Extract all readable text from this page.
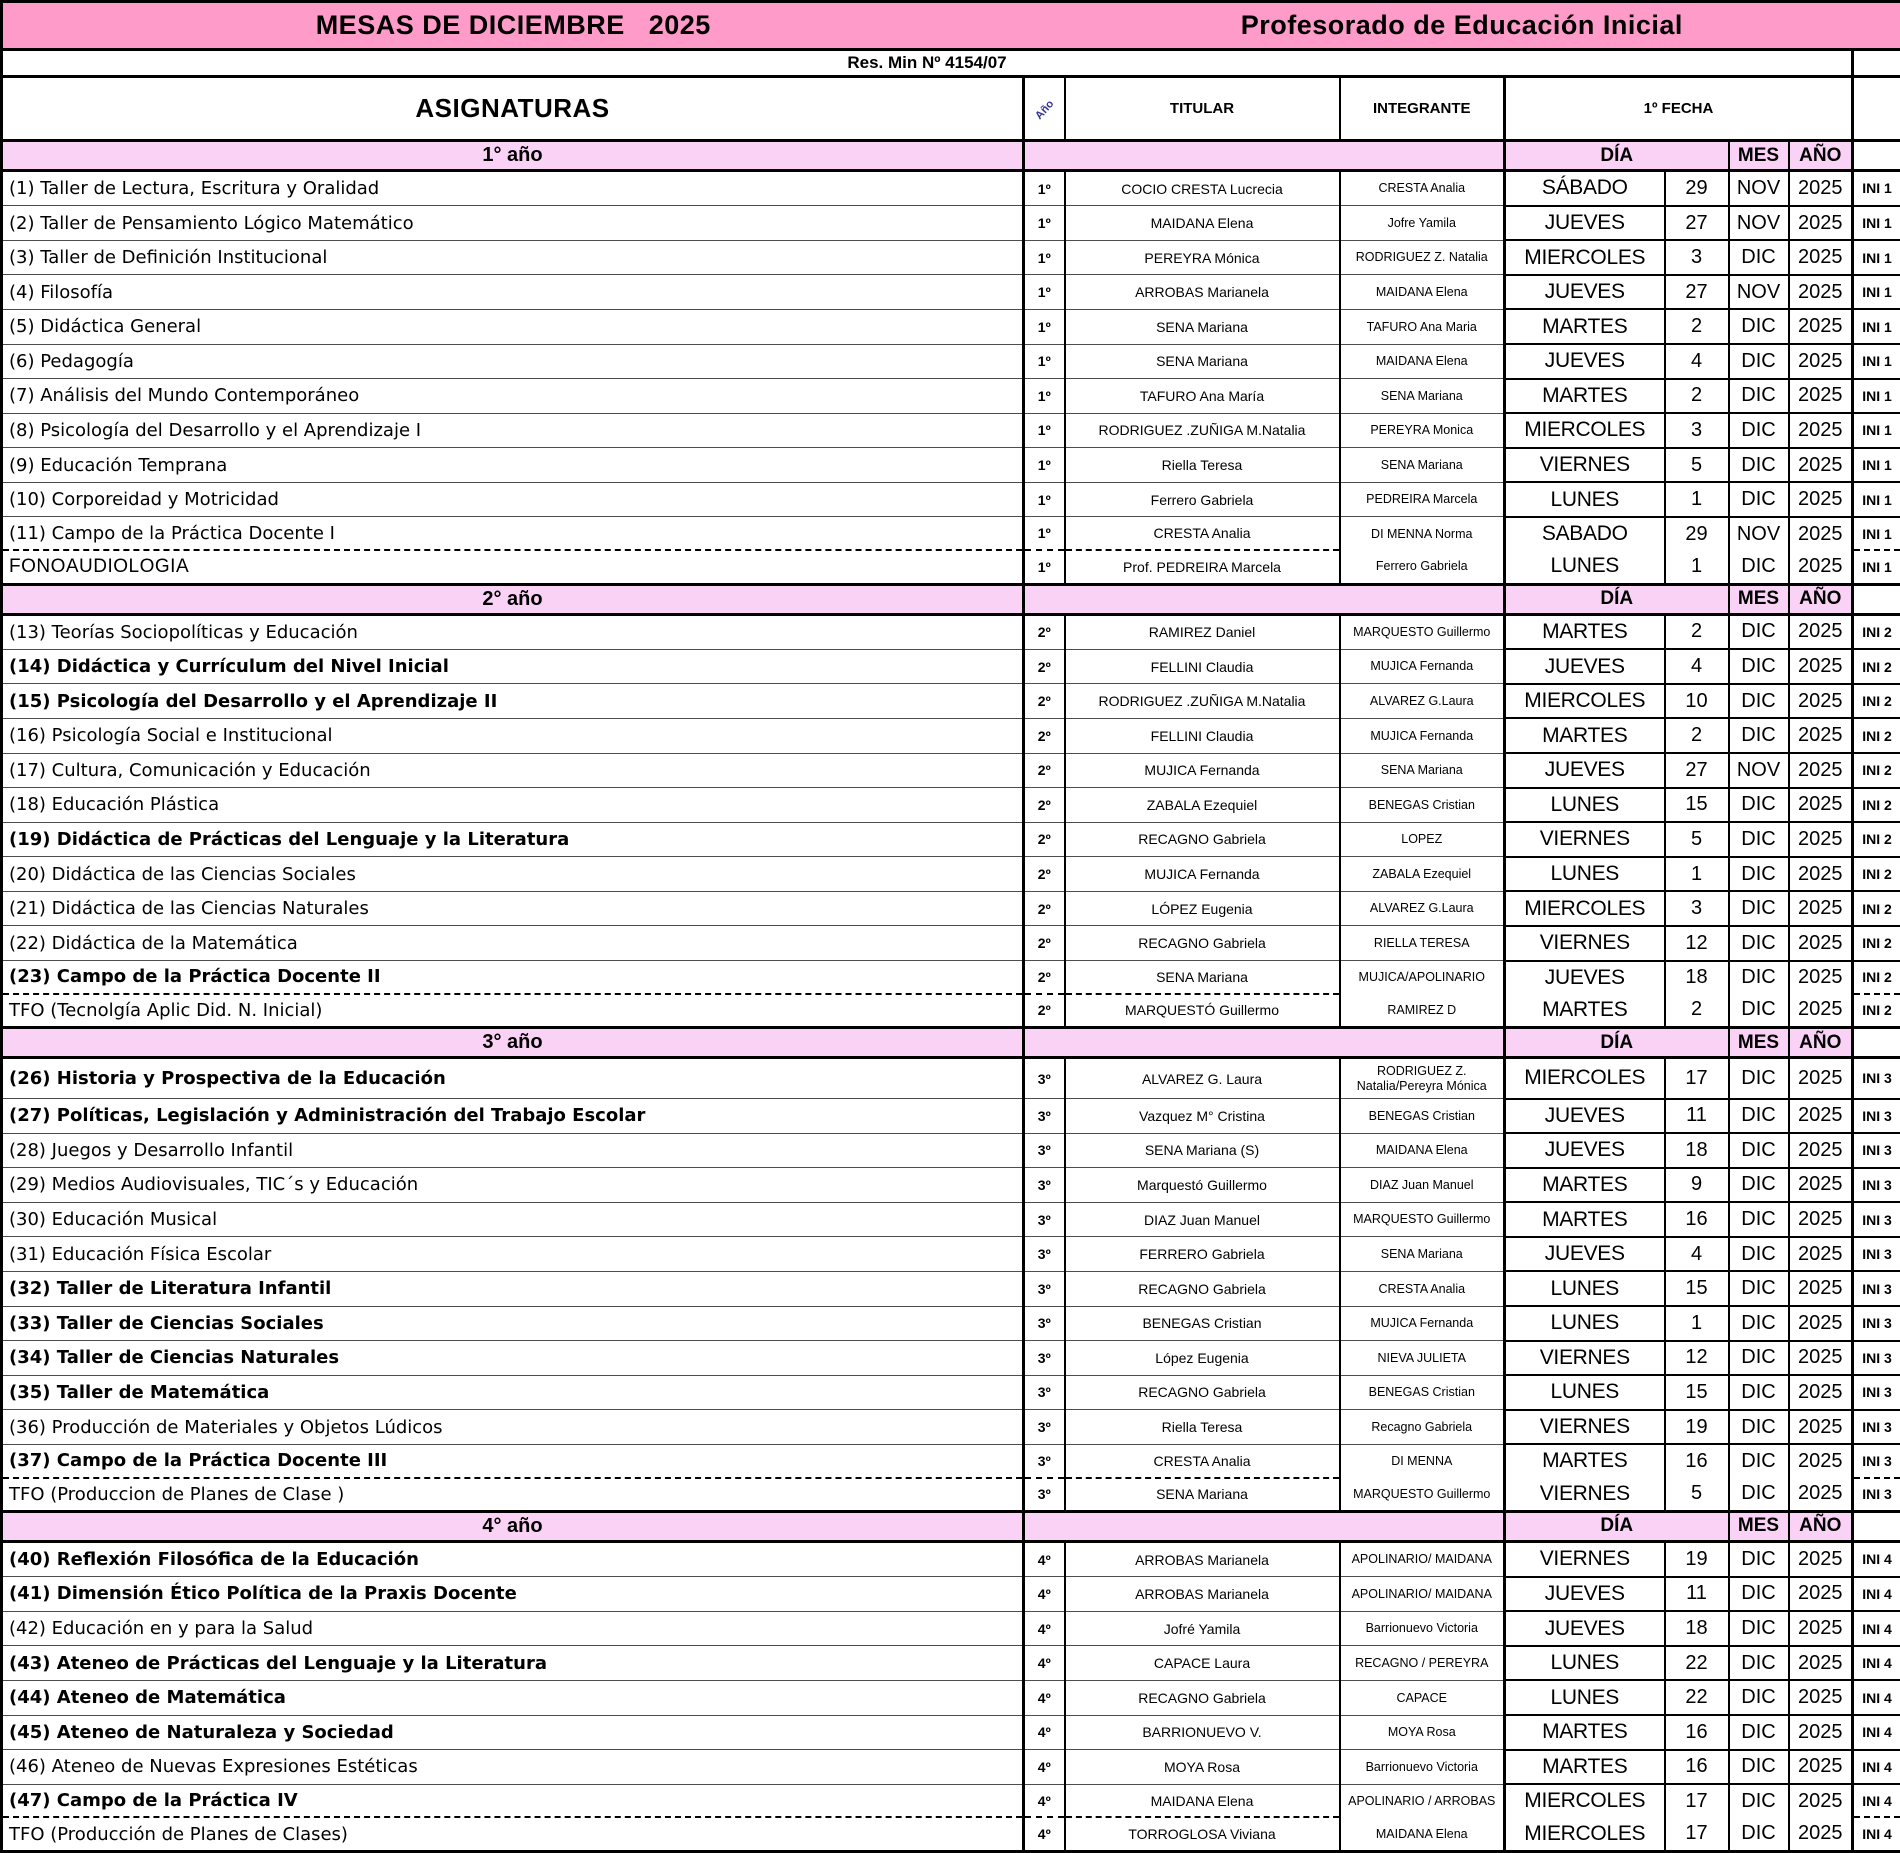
MESAS DE DICIEMBRE   2025	Profesorado de Educación Inicial							
Res. Min Nº 4154/07								
ASIGNATURAS	Año	TITULAR	INTEGRANTE	1º FECHA				
1° año				DÍA		MES	AÑO	
(1) Taller de Lectura, Escritura y Oralidad	1º	COCIO CRESTA Lucrecia	CRESTA Analia	SÁBADO	29	NOV	2025	INI 1
(2) Taller de Pensamiento Lógico Matemático	1º	MAIDANA Elena	Jofre Yamila	JUEVES	27	NOV	2025	INI 1
(3) Taller de Definición Institucional	1º	PEREYRA Mónica	RODRIGUEZ Z. Natalia	MIERCOLES	3	DIC	2025	INI 1
(4) Filosofía	1º	ARROBAS Marianela	MAIDANA Elena	JUEVES	27	NOV	2025	INI 1
(5) Didáctica General	1º	SENA Mariana	TAFURO Ana Maria	MARTES	2	DIC	2025	INI 1
(6) Pedagogía	1º	SENA Mariana	MAIDANA Elena	JUEVES	4	DIC	2025	INI 1
(7) Análisis del Mundo Contemporáneo	1º	TAFURO Ana María	SENA Mariana	MARTES	2	DIC	2025	INI 1
(8) Psicología del Desarrollo y el Aprendizaje I	1º	RODRIGUEZ .ZUÑIGA M.Natalia	PEREYRA Monica	MIERCOLES	3	DIC	2025	INI 1
(9) Educación Temprana	1º	Riella Teresa	SENA Mariana	VIERNES	5	DIC	2025	INI 1
(10) Corporeidad y Motricidad	1º	Ferrero Gabriela	PEDREIRA Marcela	LUNES	1	DIC	2025	INI 1
(11) Campo de la Práctica Docente I	1º	CRESTA Analia	DI MENNA Norma	SABADO	29	NOV	2025	INI 1
FONOAUDIOLOGIA	1º	Prof. PEDREIRA Marcela	Ferrero Gabriela	LUNES	1	DIC	2025	INI 1
2° año				DÍA		MES	AÑO	
(13) Teorías Sociopolíticas y Educación	2º	RAMIREZ Daniel	MARQUESTO Guillermo	MARTES	2	DIC	2025	INI 2
(14) Didáctica y Currículum del Nivel Inicial	2º	FELLINI Claudia	MUJICA Fernanda	JUEVES	4	DIC	2025	INI 2
(15) Psicología del Desarrollo y el Aprendizaje II	2º	RODRIGUEZ .ZUÑIGA M.Natalia	ALVAREZ G.Laura	MIERCOLES	10	DIC	2025	INI 2
(16) Psicología Social e Institucional	2º	FELLINI Claudia	MUJICA Fernanda	MARTES	2	DIC	2025	INI 2
(17) Cultura, Comunicación y Educación	2º	MUJICA Fernanda	SENA Mariana	JUEVES	27	NOV	2025	INI 2
(18) Educación Plástica	2º	ZABALA Ezequiel	BENEGAS Cristian	LUNES	15	DIC	2025	INI 2
(19) Didáctica de Prácticas del Lenguaje y la Literatura	2º	RECAGNO Gabriela	LOPEZ	VIERNES	5	DIC	2025	INI 2
(20) Didáctica de las Ciencias Sociales	2º	MUJICA Fernanda	ZABALA Ezequiel	LUNES	1	DIC	2025	INI 2
(21) Didáctica de las Ciencias Naturales	2º	LÓPEZ Eugenia	ALVAREZ G.Laura	MIERCOLES	3	DIC	2025	INI 2
(22) Didáctica de la Matemática	2º	RECAGNO Gabriela	RIELLA TERESA	VIERNES	12	DIC	2025	INI 2
(23) Campo de la Práctica Docente II	2º	SENA Mariana	MUJICA/APOLINARIO	JUEVES	18	DIC	2025	INI 2
TFO (Tecnolgía Aplic Did. N. Inicial)	2º	MARQUESTÓ Guillermo	RAMIREZ D	MARTES	2	DIC	2025	INI 2
3° año				DÍA		MES	AÑO	
(26) Historia y Prospectiva de la Educación	3º	ALVAREZ G. Laura	RODRIGUEZ Z. Natalia/Pereyra Mónica	MIERCOLES	17	DIC	2025	INI 3
(27) Políticas, Legislación y Administración del Trabajo Escolar	3º	Vazquez M° Cristina	BENEGAS Cristian	JUEVES	11	DIC	2025	INI 3
(28) Juegos y Desarrollo Infantil	3º	SENA Mariana (S)	MAIDANA Elena	JUEVES	18	DIC	2025	INI 3
(29) Medios Audiovisuales, TIC´s y Educación	3º	Marquestó Guillermo	DIAZ Juan Manuel	MARTES	9	DIC	2025	INI 3
(30) Educación Musical	3º	DIAZ Juan Manuel	MARQUESTO Guillermo	MARTES	16	DIC	2025	INI 3
(31) Educación Física Escolar	3º	FERRERO Gabriela	SENA Mariana	JUEVES	4	DIC	2025	INI 3
(32) Taller de Literatura Infantil	3º	RECAGNO Gabriela	CRESTA Analia	LUNES	15	DIC	2025	INI 3
(33) Taller de Ciencias Sociales	3º	BENEGAS Cristian	MUJICA Fernanda	LUNES	1	DIC	2025	INI 3
(34) Taller de Ciencias Naturales	3º	López Eugenia	NIEVA JULIETA	VIERNES	12	DIC	2025	INI 3
(35) Taller de Matemática	3º	RECAGNO Gabriela	BENEGAS Cristian	LUNES	15	DIC	2025	INI 3
(36) Producción de Materiales y Objetos Lúdicos	3º	Riella Teresa	Recagno Gabriela	VIERNES	19	DIC	2025	INI 3
(37) Campo de la Práctica Docente III	3º	CRESTA Analia	DI MENNA	MARTES	16	DIC	2025	INI 3
TFO (Produccion de Planes de Clase )	3º	SENA Mariana	MARQUESTO Guillermo	VIERNES	5	DIC	2025	INI 3
4° año				DÍA		MES	AÑO	
(40) Reflexión Filosófica de la Educación	4º	ARROBAS Marianela	APOLINARIO/ MAIDANA	VIERNES	19	DIC	2025	INI 4
(41) Dimensión Ético Política de la Praxis Docente	4º	ARROBAS Marianela	APOLINARIO/ MAIDANA	JUEVES	11	DIC	2025	INI 4
(42) Educación en y para la Salud	4º	Jofré Yamila	Barrionuevo Victoria	JUEVES	18	DIC	2025	INI 4
(43) Ateneo de Prácticas del Lenguaje y la Literatura	4º	CAPACE Laura	RECAGNO / PEREYRA	LUNES	22	DIC	2025	INI 4
(44) Ateneo de Matemática	4º	RECAGNO Gabriela	CAPACE	LUNES	22	DIC	2025	INI 4
(45) Ateneo de Naturaleza y Sociedad	4º	BARRIONUEVO V.	MOYA Rosa	MARTES	16	DIC	2025	INI 4
(46) Ateneo de Nuevas Expresiones Estéticas	4º	MOYA Rosa	Barrionuevo Victoria	MARTES	16	DIC	2025	INI 4
(47) Campo de la Práctica IV	4º	MAIDANA Elena	APOLINARIO / ARROBAS	MIERCOLES	17	DIC	2025	INI 4
TFO (Producción de Planes de Clases)	4º	TORROGLOSA Viviana	MAIDANA Elena	MIERCOLES	17	DIC	2025	INI 4
